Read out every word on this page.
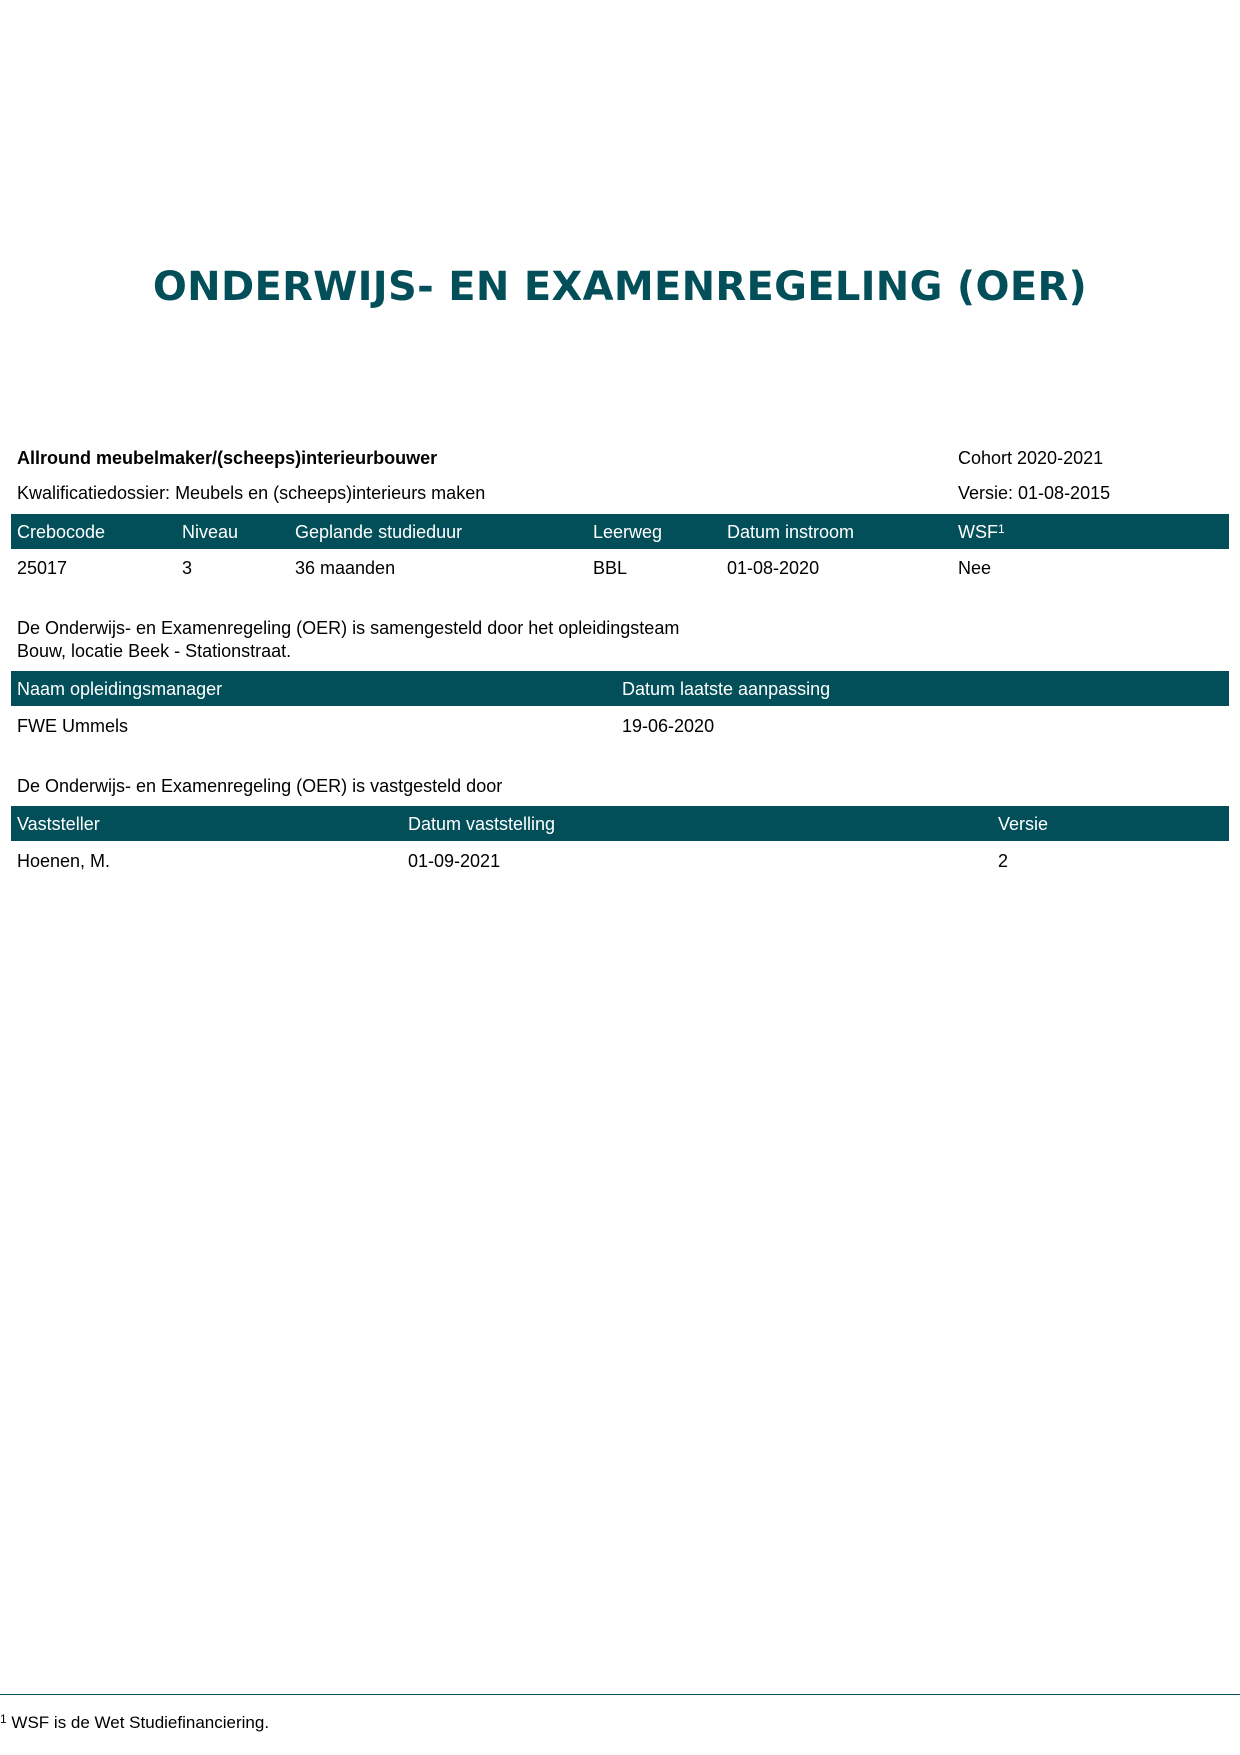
ONDERWIJS- EN EXAMENREGELING (OER)
Allround meubelmaker/(scheeps)interieurbouwer	Cohort 2020-2021
Kwalificatiedossier: Meubels en (scheeps)interieurs maken	Versie: 01-08-2015
Crebocode	Niveau	Geplande studieduur	Leerweg	Datum instroom	WSF$^1$
25017	3	36 maanden	BBL	01-08-2020	Nee
De Onderwijs- en Examenregeling (OER) is samengesteld door het opleidingsteam
Bouw, locatie Beek - Stationstraat.
Naam opleidingsmanager	Datum laatste aanpassing
FWE Ummels	19-06-2020
De Onderwijs- en Examenregeling (OER) is vastgesteld door
Vaststeller	Datum vaststelling	Versie
Hoenen, M.	01-09-2021	2
$^1$ WSF is de Wet Studiefinanciering.
